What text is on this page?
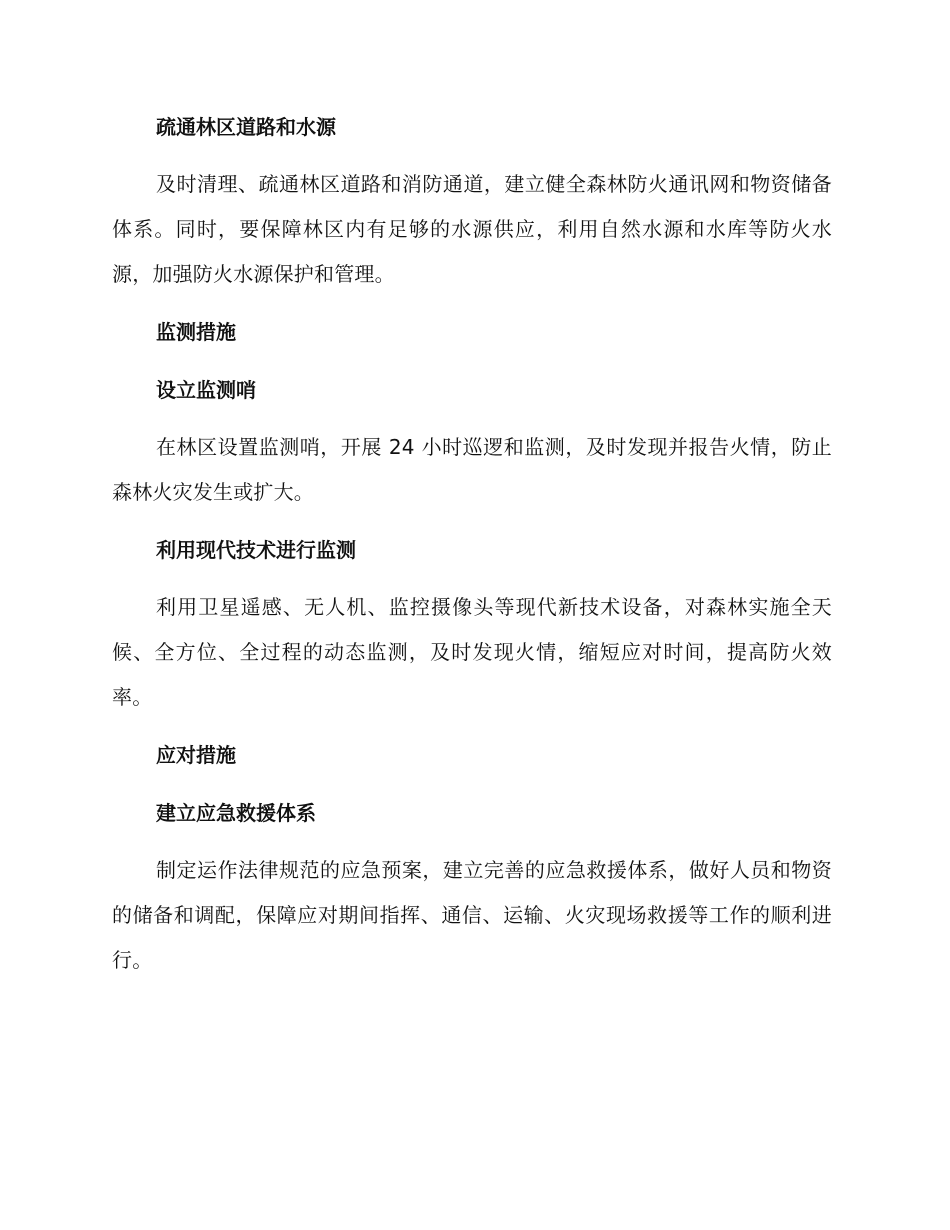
疏通林区道路和水源
及时清理、疏通林区道路和消防通道，建立健全森林防火通讯网和物资储备体系。同时，要保障林区内有足够的水源供应，利用自然水源和水库等防火水源，加强防火水源保护和管理。
监测措施
设立监测哨
在林区设置监测哨，开展 24 小时巡逻和监测，及时发现并报告火情，防止森林火灾发生或扩大。
利用现代技术进行监测
利用卫星遥感、无人机、监控摄像头等现代新技术设备，对森林实施全天候、全方位、全过程的动态监测，及时发现火情，缩短应对时间，提高防火效率。
应对措施
建立应急救援体系
制定运作法律规范的应急预案，建立完善的应急救援体系，做好人员和物资的储备和调配，保障应对期间指挥、通信、运输、火灾现场救援等工作的顺利进行。
